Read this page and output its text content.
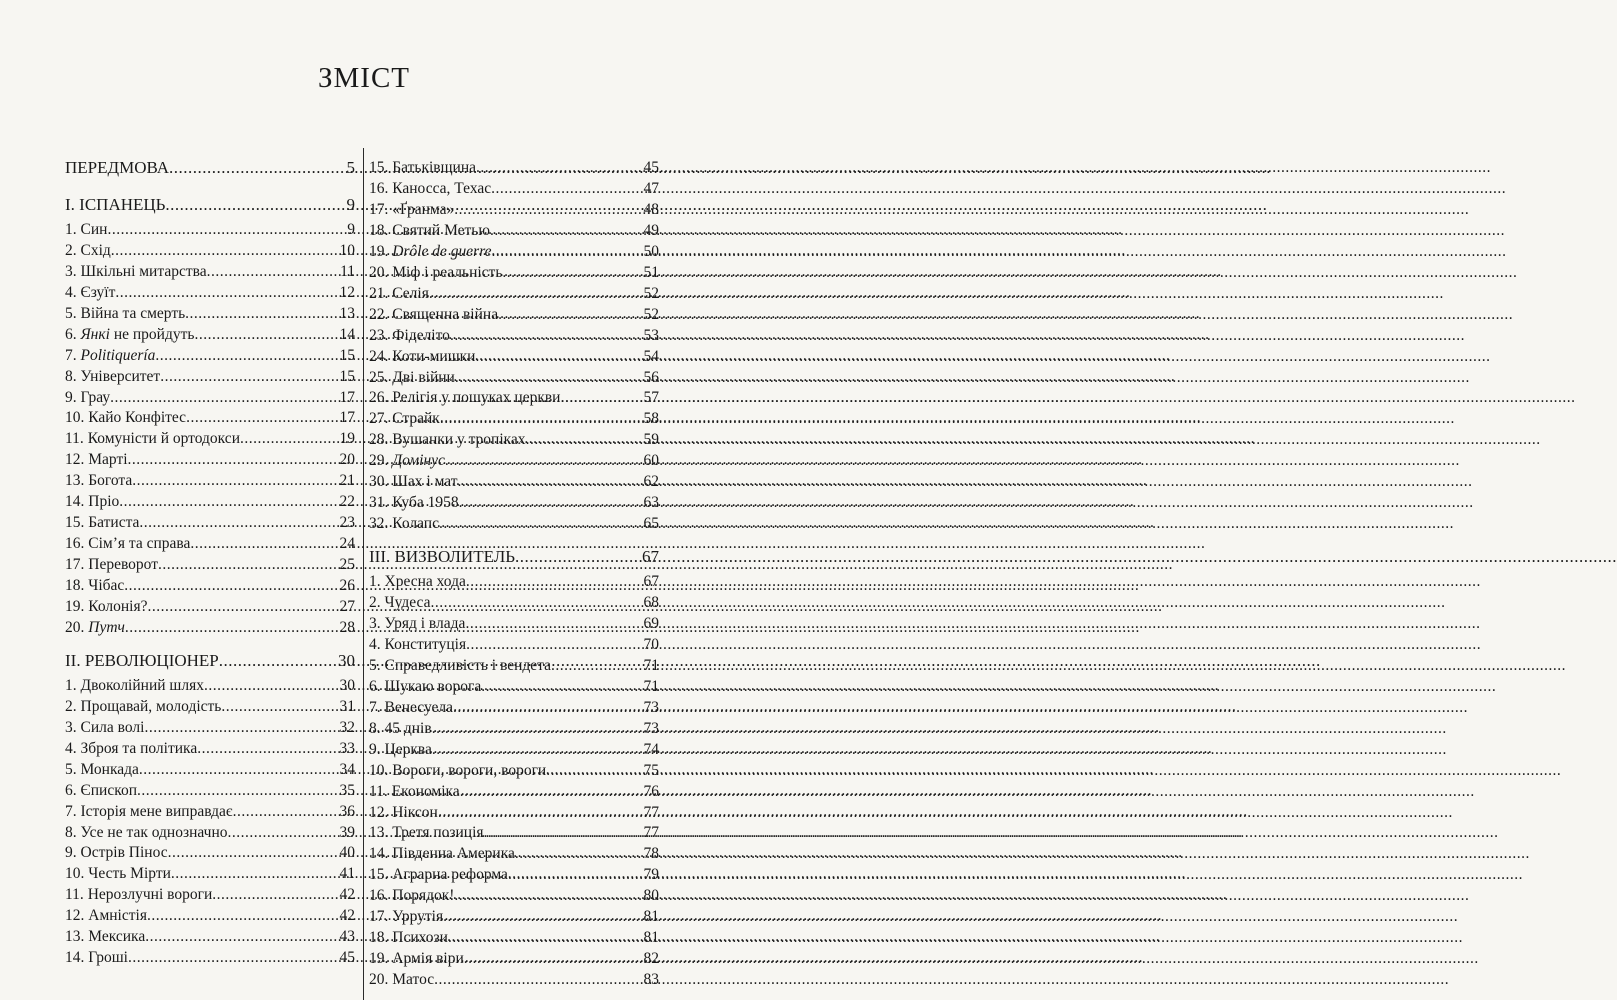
ЗМІСТ
ПЕРЕДМОВА .....	5
І. ІСПАНЕЦЬ .....	9
1. Син .....	9
2. Схід .....	10
3. Шкільні митарства .....	11
4. Єзуїт .....	12
5. Війна та смерть .....	13
6. Янкі не пройдуть .....	14
7. Politiquería .....	15
8. Університет .....	15
9. Грау .....	17
10. Кайо Конфітес .....	17
11. Комуністи й ортодокси .....	19
12. Марті .....	20
13. Богота .....	21
14. Пріо .....	22
15. Батиста .....	23
16. Сім’я та справа .....	24
17. Переворот .....	25
18. Чібас .....	26
19. Колонія? .....	27
20. Путч .....	28
ІІ. РЕВОЛЮЦІОНЕР .....	30
1. Двоколійний шлях .....	30
2. Прощавай, молодість .....	31
3. Сила волі .....	32
4. Зброя та політика .....	33
5. Монкада .....	34
6. Єпископ .....	35
7. Історія мене виправдає .....	36
8. Усе не так однозначно .....	39
9. Острів Пінос .....	40
10. Честь Мірти .....	41
11. Нерозлучні вороги .....	42
12. Амністія .....	42
13. Мексика .....	43
14. Гроші .....	45
15. Батьківщина .....	45
16. Каносса, Техас .....	47
17. «Ґранма» .....	48
18. Святий Метью .....	49
19. Drôle de guerre .....	50
20. Міф і реальність .....	51
21. Селія .....	52
22. Священна війна .....	52
23. Фіделіто .....	53
24. Коти-мишки .....	54
25. Дві війни .....	56
26. Релігія у пошуках церкви .....	57
27. Страйк .....	58
28. Вушанки у тропіках .....	59
29. Домінус .....	60
30. Шах і мат .....	62
31. Куба 1958 .....	63
32. Колапс .....	65
ІІІ. ВИЗВОЛИТЕЛЬ .....	67
1. Хресна хода .....	67
2. Чудеса .....	68
3. Уряд і влада .....	69
4. Конституція .....	70
5. Справедливість і вендета .....	71
6. Шукаю ворога .....	71
7. Венесуела .....	73
8. 45 днів .....	73
9. Церква .....	74
10. Вороги, вороги, вороги .....	75
11. Економіка .....	76
12. Ніксон .....	77
13. Третя позиція .....	77
14. Південна Америка .....	78
15. Аграрна реформа .....	79
16. Порядок! .....	80
17. Уррутія .....	81
18. Психози .....	81
19. Армія віри .....	82
20. Матос .....	83
